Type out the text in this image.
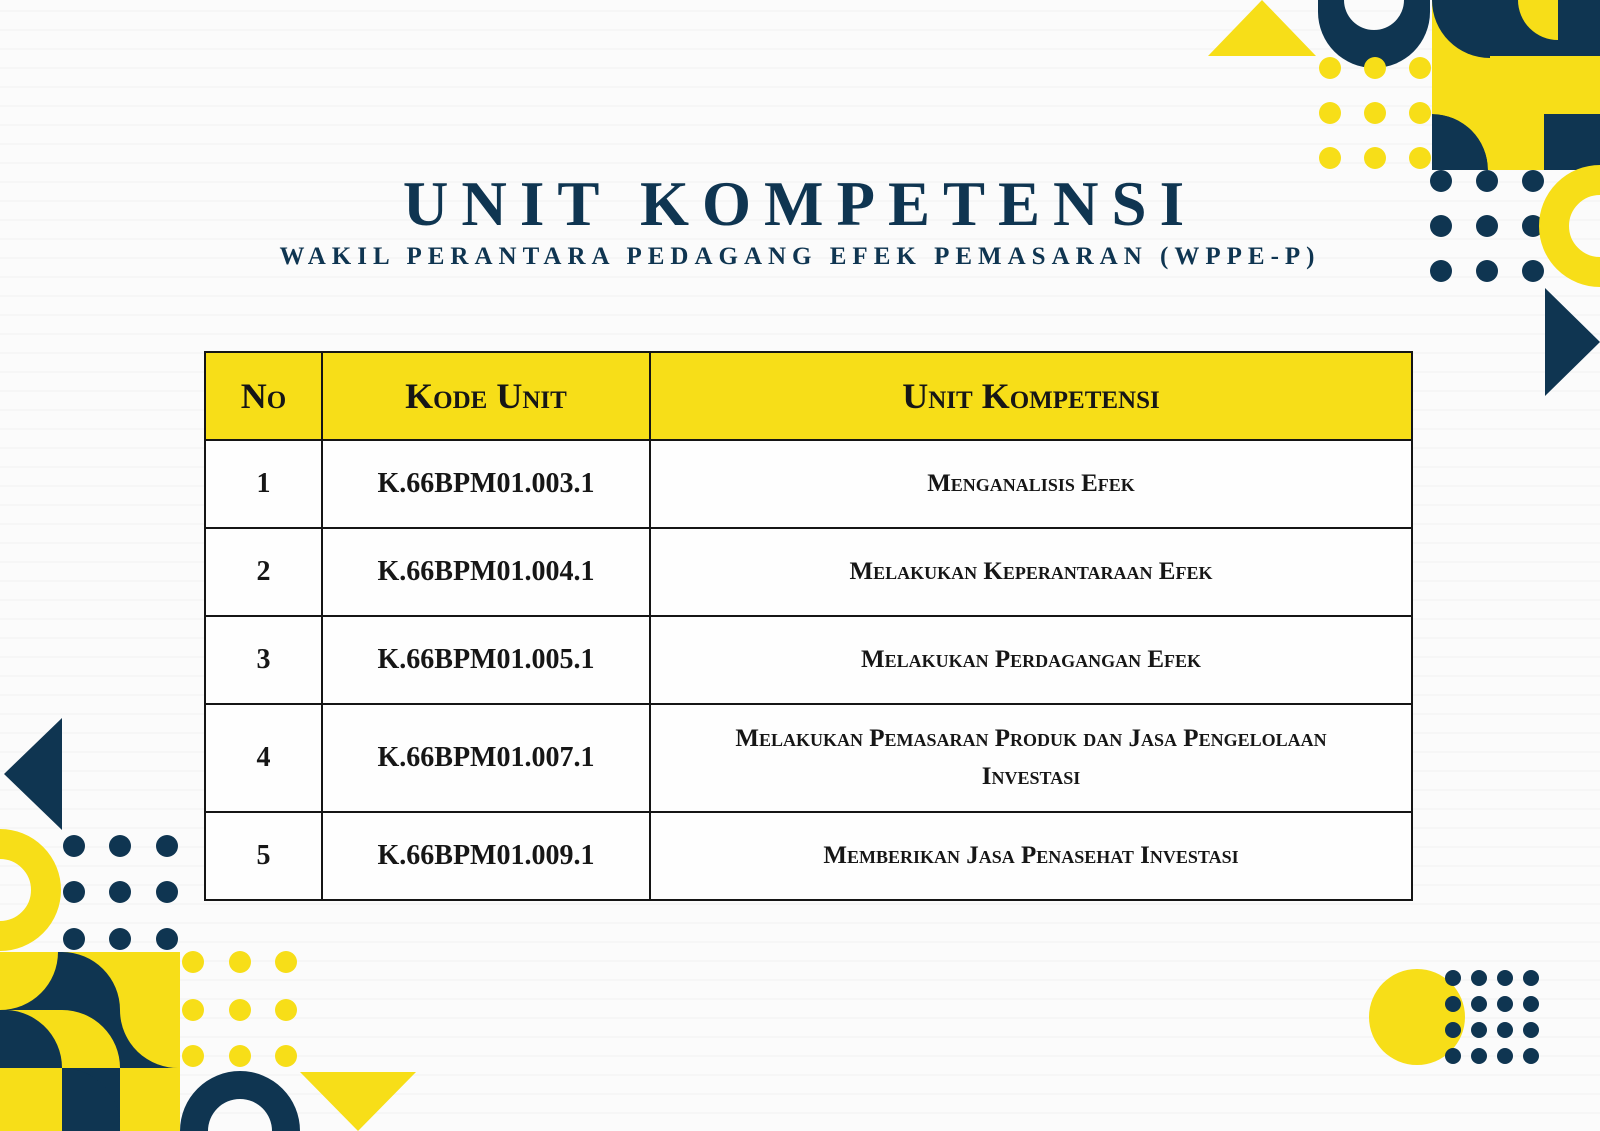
UNIT KOMPETENSI
WAKIL PERANTARA PEDAGANG EFEK PEMASARAN (WPPE-P)
No	Kode Unit	Unit Kompetensi
1	K.66BPM01.003.1	Menganalisis Efek
2	K.66BPM01.004.1	Melakukan Keperantaraan Efek
3	K.66BPM01.005.1	Melakukan Perdagangan Efek
4	K.66BPM01.007.1	Melakukan Pemasaran Produk dan Jasa Pengelolaan Investasi
5	K.66BPM01.009.1	Memberikan Jasa Penasehat Investasi
